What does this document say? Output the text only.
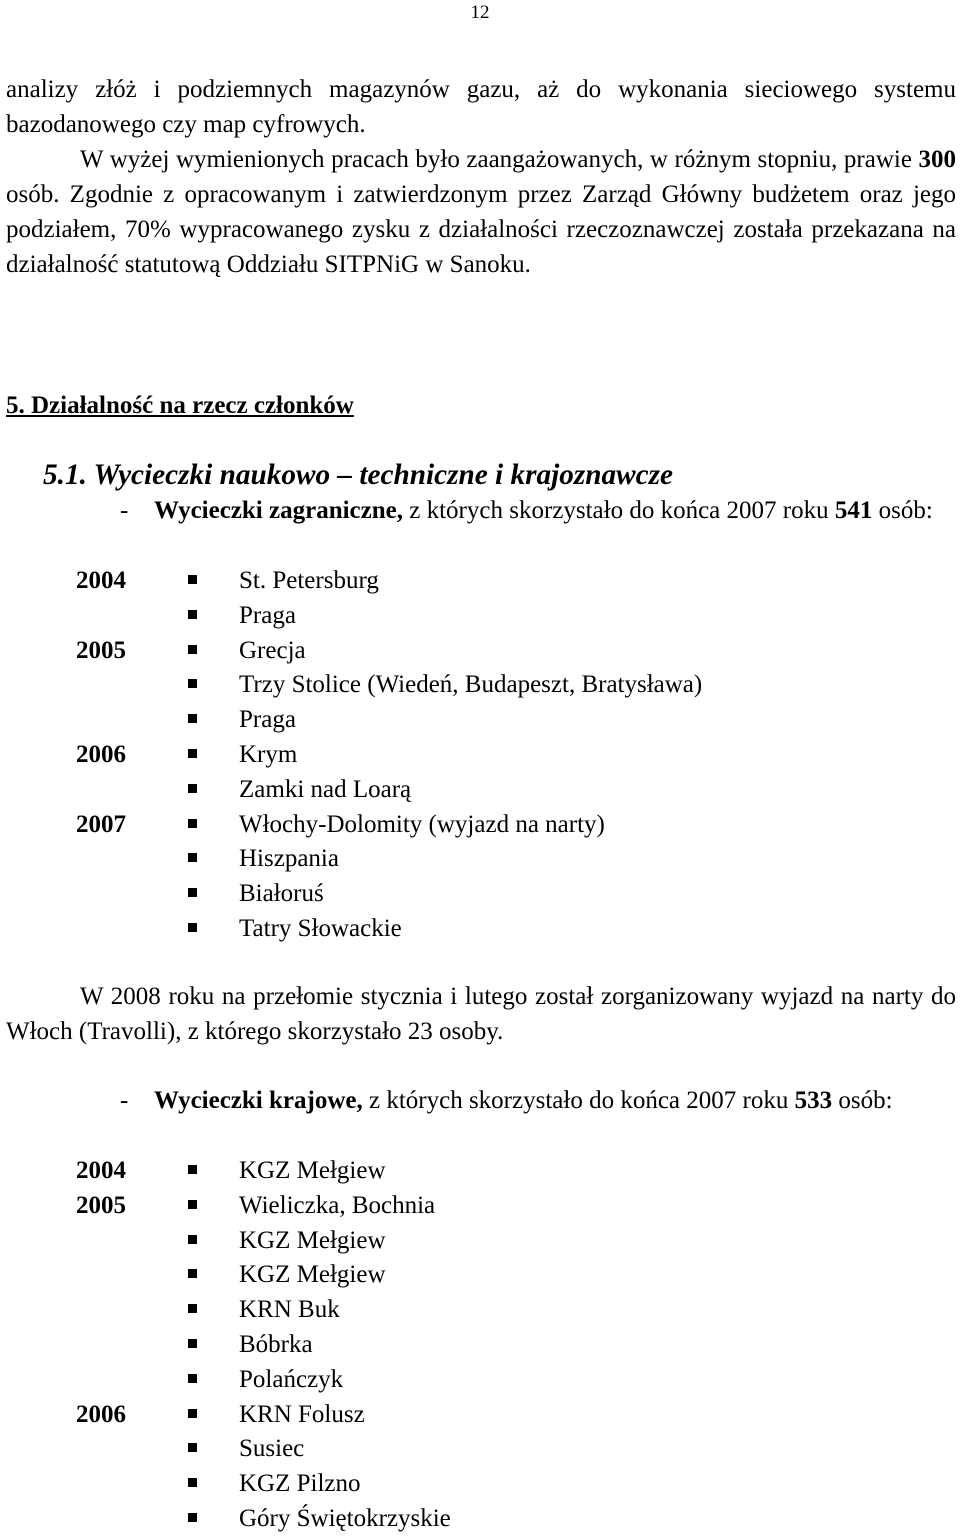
12

analizy złóż i podziemnych magazynów gazu, aż do wykonania sieciowego systemu bazodanowego czy map cyfrowych.

W wyżej wymienionych pracach było zaangażowanych, w różnym stopniu, prawie 300 osób. Zgodnie z opracowanym i zatwierdzonym przez Zarząd Główny budżetem oraz jego podziałem, 70% wypracowanego zysku z działalności rzeczoznawczej została przekazana na działalność statutową Oddziału SITPNiG w Sanoku.

5. Działalność na rzecz członków
5.1. Wycieczki naukowo – techniczne i krajoznawcze
- Wycieczki zagraniczne, z których skorzystało do końca 2007 roku 541 osób:
2004	St. Petersburg
Praga
2005	Grecja
Trzy Stolice (Wiedeń, Budapeszt, Bratysława)
Praga
2006	Krym
Zamki nad Loarą
2007	Włochy-Dolomity (wyjazd na narty)
Hiszpania
Białoruś
Tatry Słowackie

W 2008 roku na przełomie stycznia i lutego został zorganizowany wyjazd na narty do Włoch (Travolli), z którego skorzystało 23 osoby.

- Wycieczki krajowe, z których skorzystało do końca 2007 roku 533 osób:
2004	KGZ Mełgiew
2005	Wieliczka, Bochnia
KGZ Mełgiew
KGZ Mełgiew
KRN Buk
Bóbrka
Polańczyk
2006	KRN Folusz
Susiec
KGZ Pilzno
Góry Świętokrzyskie
